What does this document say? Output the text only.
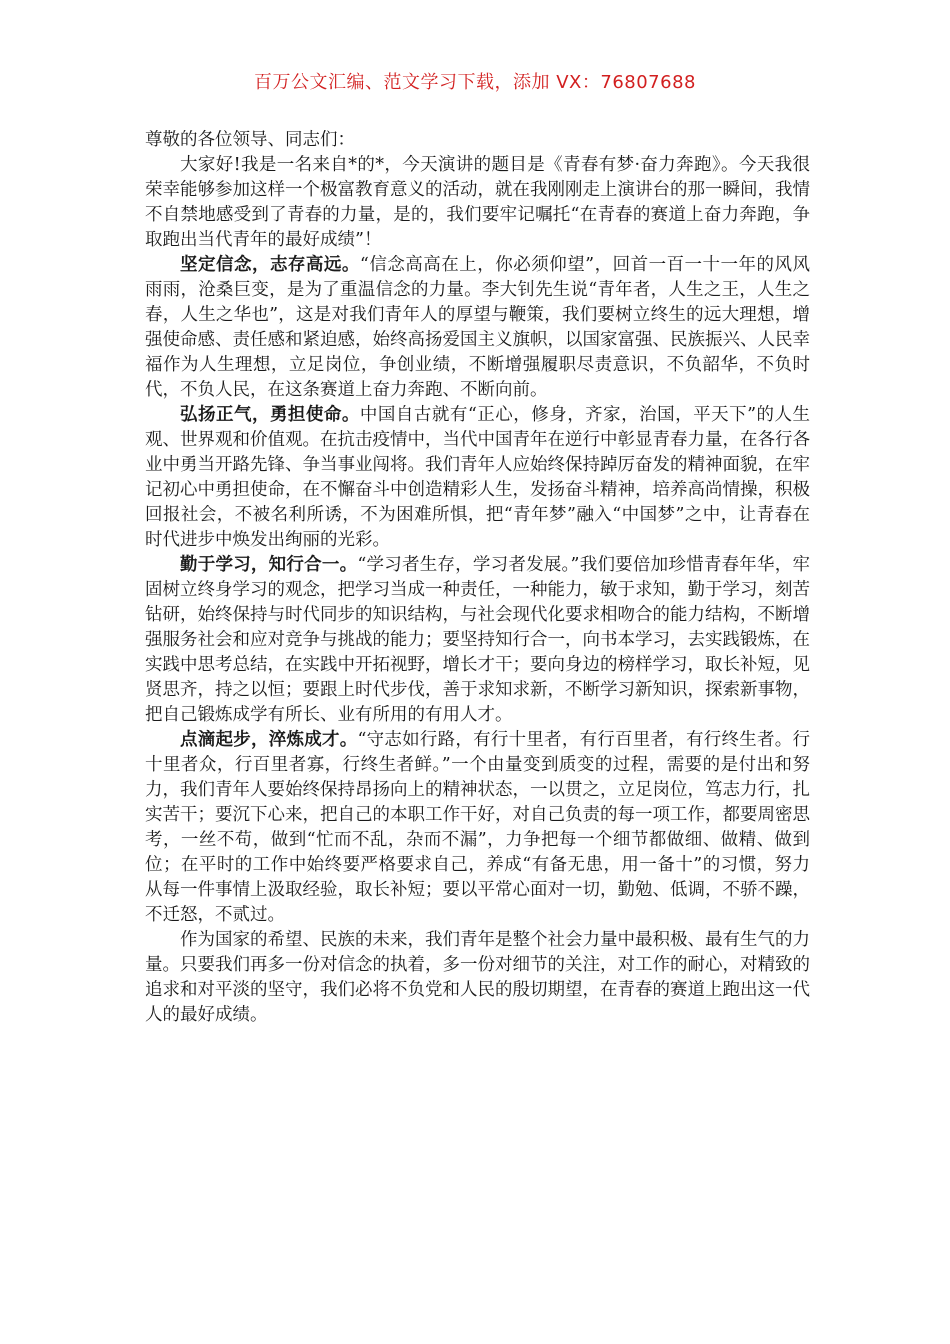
百万公文汇编、范文学习下载，添加 VX：76807688

尊敬的各位领导、同志们：

大家好!我是一名来自*的*，今天演讲的题目是《青春有梦·奋力奔跑》。今天我很荣幸能够参加这样一个极富教育意义的活动，就在我刚刚走上演讲台的那一瞬间，我情不自禁地感受到了青春的力量，是的，我们要牢记嘱托“在青春的赛道上奋力奔跑，争取跑出当代青年的最好成绩”！

坚定信念，志存高远。“信念高高在上，你必须仰望”，回首一百一十一年的风风雨雨，沧桑巨变，是为了重温信念的力量。李大钊先生说“青年者，人生之王，人生之春，人生之华也”，这是对我们青年人的厚望与鞭策，我们要树立终生的远大理想，增强使命感、责任感和紧迫感，始终高扬爱国主义旗帜，以国家富强、民族振兴、人民幸福作为人生理想，立足岗位，争创业绩，不断增强履职尽责意识，不负韶华，不负时代，不负人民，在这条赛道上奋力奔跑、不断向前。

弘扬正气，勇担使命。中国自古就有“正心，修身，齐家，治国，平天下”的人生观、世界观和价值观。在抗击疫情中，当代中国青年在逆行中彰显青春力量，在各行各业中勇当开路先锋、争当事业闯将。我们青年人应始终保持踔厉奋发的精神面貌，在牢记初心中勇担使命，在不懈奋斗中创造精彩人生，发扬奋斗精神，培养高尚情操，积极回报社会，不被名利所诱，不为困难所惧，把“青年梦”融入“中国梦”之中，让青春在时代进步中焕发出绚丽的光彩。

勤于学习，知行合一。“学习者生存，学习者发展。”我们要倍加珍惜青春年华，牢固树立终身学习的观念，把学习当成一种责任，一种能力，敏于求知，勤于学习，刻苦钻研，始终保持与时代同步的知识结构，与社会现代化要求相吻合的能力结构，不断增强服务社会和应对竞争与挑战的能力；要坚持知行合一，向书本学习，去实践锻炼，在实践中思考总结，在实践中开拓视野，增长才干；要向身边的榜样学习，取长补短，见贤思齐，持之以恒；要跟上时代步伐，善于求知求新，不断学习新知识，探索新事物，把自己锻炼成学有所长、业有所用的有用人才。

点滴起步，淬炼成才。“守志如行路，有行十里者，有行百里者，有行终生者。行十里者众，行百里者寡，行终生者鲜。”一个由量变到质变的过程，需要的是付出和努力，我们青年人要始终保持昂扬向上的精神状态，一以贯之，立足岗位，笃志力行，扎实苦干；要沉下心来，把自己的本职工作干好，对自己负责的每一项工作，都要周密思考，一丝不苟，做到“忙而不乱，杂而不漏”，力争把每一个细节都做细、做精、做到位；在平时的工作中始终要严格要求自己，养成“有备无患，用一备十”的习惯，努力从每一件事情上汲取经验，取长补短；要以平常心面对一切，勤勉、低调，不骄不躁，不迁怒，不贰过。

作为国家的希望、民族的未来，我们青年是整个社会力量中最积极、最有生气的力量。只要我们再多一份对信念的执着，多一份对细节的关注，对工作的耐心，对精致的追求和对平淡的坚守，我们必将不负党和人民的殷切期望，在青春的赛道上跑出这一代人的最好成绩。
